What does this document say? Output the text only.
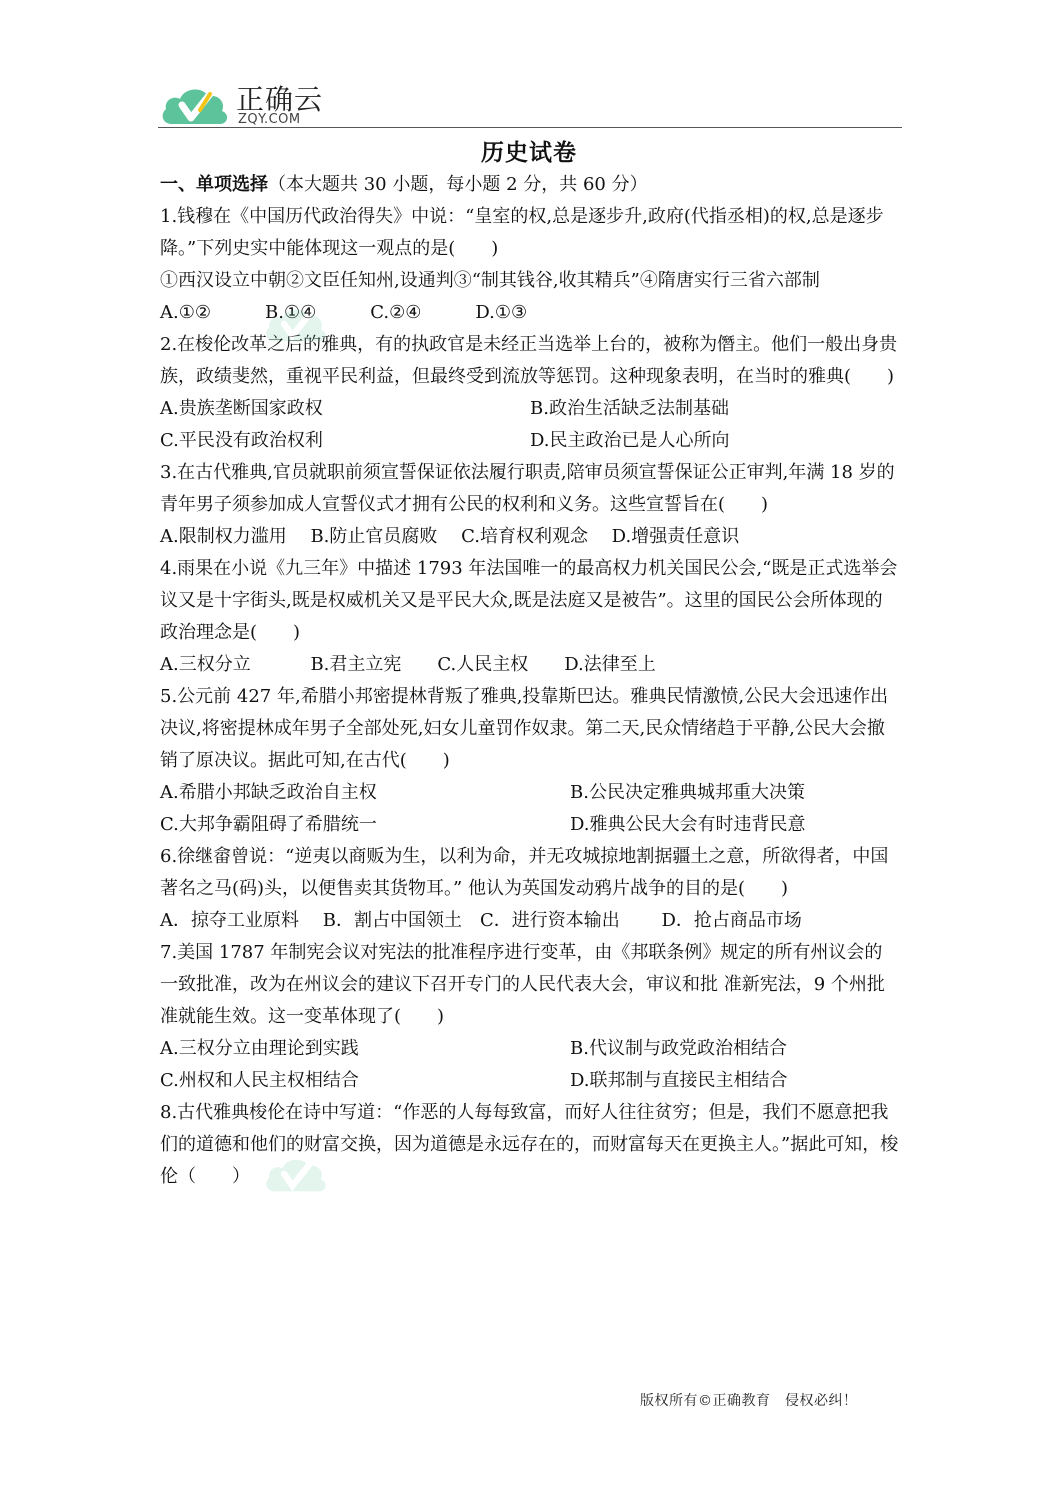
正确云
ZQY.COM
历史试卷

一、单项选择（本大题共 30 小题，每小题 2 分，共 60 分）

1.钱穆在《中国历代政治得失》中说：“皇室的权,总是逐步升,政府(代指丞相)的权,总是逐步降。”下列史实中能体现这一观点的是(　　)

①西汉设立中朝②文臣任知州,设通判③“制其钱谷,收其精兵”④隋唐实行三省六部制

A.①②　　　B.①④　　　C.②④　　　D.①③

2.在梭伦改革之后的雅典，有的执政官是未经正当选举上台的，被称为僭主。他们一般出身贵族，政绩斐然，重视平民利益，但最终受到流放等惩罚。这种现象表明，在当时的雅典(　　)

A.贵族垄断国家政权	B.政治生活缺乏法制基础
C.平民没有政治权利	D.民主政治已是人心所向

3.在古代雅典,官员就职前须宣誓保证依法履行职责,陪审员须宣誓保证公正审判,年满 18 岁的青年男子须参加成人宣誓仪式才拥有公民的权利和义务。这些宣誓旨在(　　)

A.限制权力滥用　 B.防止官员腐败　 C.培育权利观念　 D.增强责任意识

4.雨果在小说《九三年》中描述 1793 年法国唯一的最高权力机关国民公会,“既是正式选举会议又是十字街头,既是权威机关又是平民大众,既是法庭又是被告”。这里的国民公会所体现的政治理念是(　　)

A.三权分立　　　 B.君主立宪　　C.人民主权　　D.法律至上

5.公元前 427 年,希腊小邦密提林背叛了雅典,投靠斯巴达。雅典民情激愤,公民大会迅速作出决议,将密提林成年男子全部处死,妇女儿童罚作奴隶。第二天,民众情绪趋于平静,公民大会撤销了原决议。据此可知,在古代(　　)

A.希腊小邦缺乏政治自主权	B.公民决定雅典城邦重大决策
C.大邦争霸阻碍了希腊统一	D.雅典公民大会有时违背民意

6.徐继畲曾说：“逆夷以商贩为生，以利为命，并无攻城掠地割据疆土之意，所欲得者，中国著名之马(码)头，以便售卖其货物耳。” 他认为英国发动鸦片战争的目的是(　　)

A．掠夺工业原料　 B．割占中国领土　C．进行资本输出　　 D．抢占商品市场

7.美国 1787 年制宪会议对宪法的批准程序进行变革，由《邦联条例》规定的所有州议会的一致批准，改为在州议会的建议下召开专门的人民代表大会，审议和批 准新宪法，9 个州批准就能生效。这一变革体现了(　　)

A.三权分立由理论到实践	B.代议制与政党政治相结合
C.州权和人民主权相结合	D.联邦制与直接民主相结合

8.古代雅典梭伦在诗中写道：“作恶的人每每致富，而好人往往贫穷；但是，我们不愿意把我们的道德和他们的财富交换，因为道德是永远存在的，而财富每天在更换主人。”据此可知，梭伦（　　）

版权所有©正确教育　侵权必纠！
